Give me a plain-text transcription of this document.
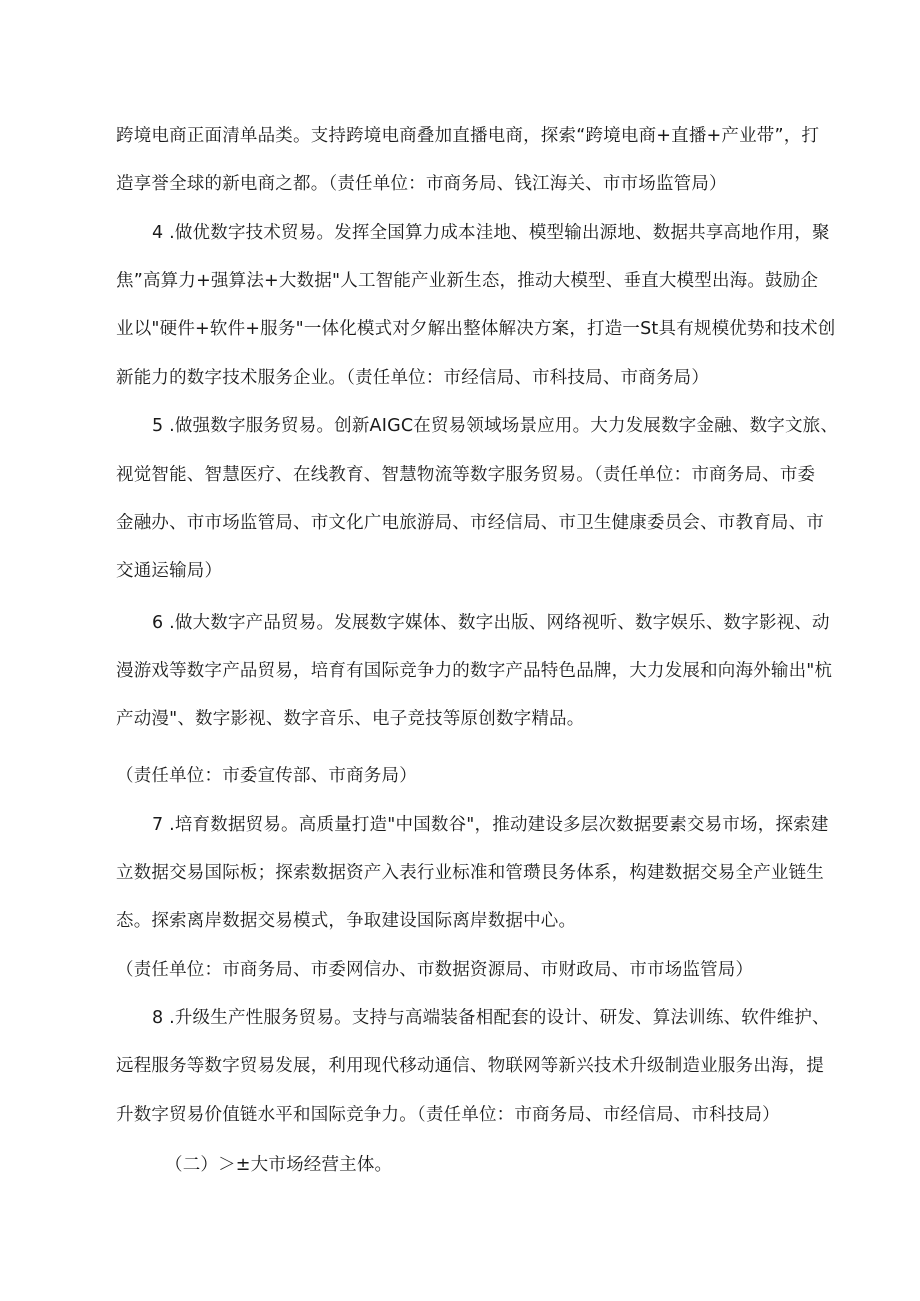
跨境电商正面清单品类。支持跨境电商叠加直播电商，探索“跨境电商+直播+产业带”，打
造享誉全球的新电商之都。（责任单位：市商务局、钱江海关、市市场监管局）
4 .做优数字技术贸易。发挥全国算力成本洼地、模型输出源地、数据共享高地作用，聚
焦”高算力+强算法+大数据"人工智能产业新生态，推动大模型、垂直大模型出海。鼓励企
业以"硬件+软件+服务"一体化模式对夕解出整体解决方案，打造一St具有规模优势和技术创
新能力的数字技术服务企业。（责任单位：市经信局、市科技局、市商务局）
5 .做强数字服务贸易。创新AIGC在贸易领域场景应用。大力发展数字金融、数字文旅、
视觉智能、智慧医疗、在线教育、智慧物流等数字服务贸易。（责任单位：市商务局、市委
金融办、市市场监管局、市文化广电旅游局、市经信局、市卫生健康委员会、市教育局、市
交通运输局）
6 .做大数字产品贸易。发展数字媒体、数字出版、网络视听、数字娱乐、数字影视、动
漫游戏等数字产品贸易，培育有国际竞争力的数字产品特色品牌，大力发展和向海外输出"杭
产动漫"、数字影视、数字音乐、电子竞技等原创数字精品。
（责任单位：市委宣传部、市商务局）
7 .培育数据贸易。高质量打造"中国数谷"，推动建设多层次数据要素交易市场，探索建
立数据交易国际板；探索数据资产入表行业标准和管瓒艮务体系，构建数据交易全产业链生
态。探索离岸数据交易模式，争取建设国际离岸数据中心。
（责任单位：市商务局、市委网信办、市数据资源局、市财政局、市市场监管局）
8 .升级生产性服务贸易。支持与高端装备相配套的设计、研发、算法训练、软件维护、
远程服务等数字贸易发展，利用现代移动通信、物联网等新兴技术升级制造业服务出海，提
升数字贸易价值链水平和国际竞争力。（责任单位：市商务局、市经信局、市科技局）
（二）＞±大市场经营主体。
